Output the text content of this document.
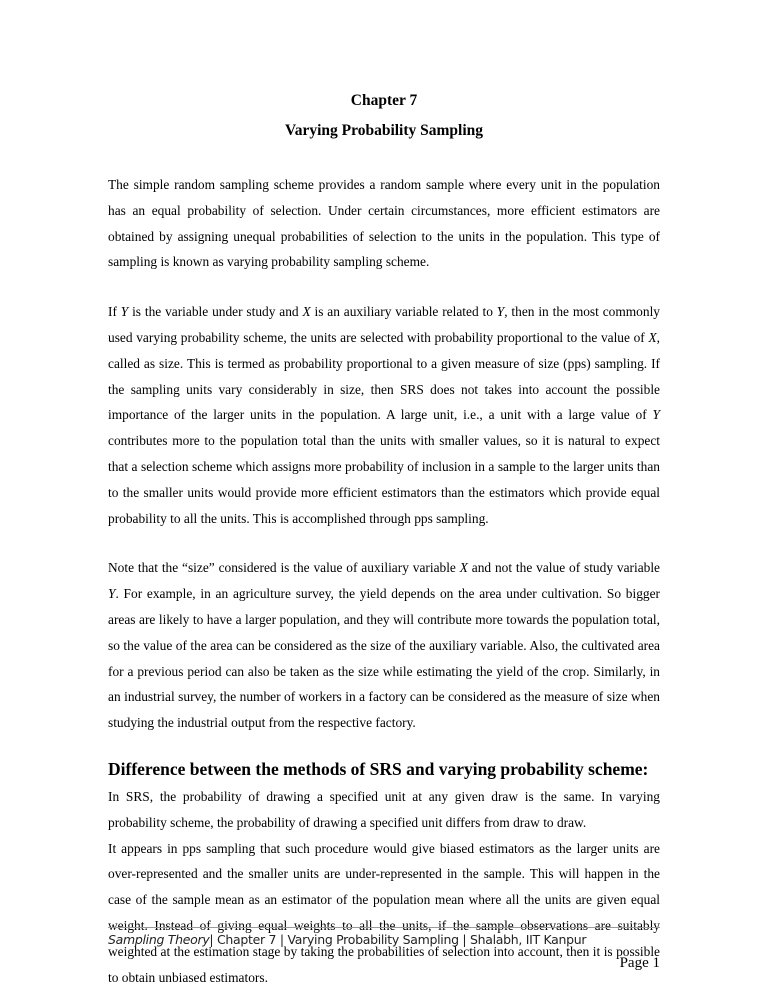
Chapter 7
Varying Probability Sampling

The simple random sampling scheme provides a random sample where every unit in the population has an equal probability of selection. Under certain circumstances, more efficient estimators are obtained by assigning unequal probabilities of selection to the units in the population. This type of sampling is known as varying probability sampling scheme.

If Y is the variable under study and X is an auxiliary variable related to Y, then in the most commonly used varying probability scheme, the units are selected with probability proportional to the value of X, called as size. This is termed as probability proportional to a given measure of size (pps) sampling. If the sampling units vary considerably in size, then SRS does not takes into account the possible importance of the larger units in the population. A large unit, i.e., a unit with a large value of Y contributes more to the population total than the units with smaller values, so it is natural to expect that a selection scheme which assigns more probability of inclusion in a sample to the larger units than to the smaller units would provide more efficient estimators than the estimators which provide equal probability to all the units. This is accomplished through pps sampling.

Note that the “size” considered is the value of auxiliary variable X and not the value of study variable Y. For example, in an agriculture survey, the yield depends on the area under cultivation. So bigger areas are likely to have a larger population, and they will contribute more towards the population total, so the value of the area can be considered as the size of the auxiliary variable. Also, the cultivated area for a previous period can also be taken as the size while estimating the yield of the crop. Similarly, in an industrial survey, the number of workers in a factory can be considered as the measure of size when studying the industrial output from the respective factory.

Difference between the methods of SRS and varying probability scheme:

In SRS, the probability of drawing a specified unit at any given draw is the same. In varying probability scheme, the probability of drawing a specified unit differs from draw to draw.

It appears in pps sampling that such procedure would give biased estimators as the larger units are over-represented and the smaller units are under-represented in the sample. This will happen in the case of the sample mean as an estimator of the population mean where all the units are given equal weight. Instead of giving equal weights to all the units, if the sample observations are suitably weighted at the estimation stage by taking the probabilities of selection into account, then it is possible to obtain unbiased estimators.

Sampling Theory| Chapter 7 | Varying Probability Sampling | Shalabh, IIT Kanpur
Page 1
